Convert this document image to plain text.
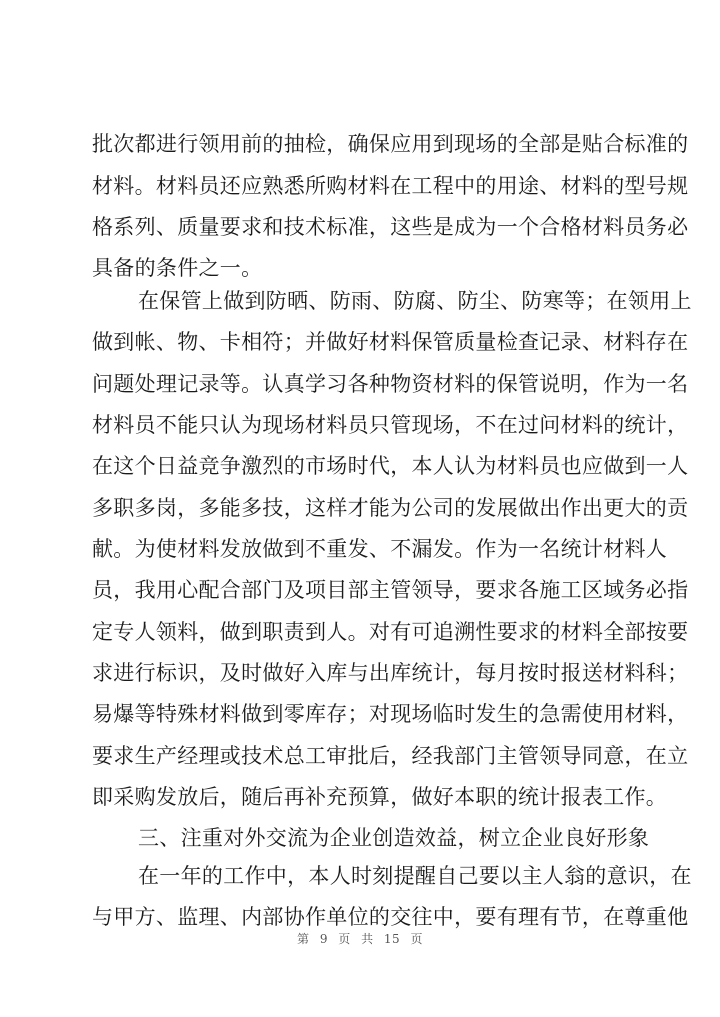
批次都进行领用前的抽检，确保应用到现场的全部是贴合标准的
材料。材料员还应熟悉所购材料在工程中的用途、材料的型号规
格系列、质量要求和技术标准，这些是成为一个合格材料员务必
具备的条件之一。
在保管上做到防晒、防雨、防腐、防尘、防寒等；在领用上
做到帐、物、卡相符；并做好材料保管质量检查记录、材料存在
问题处理记录等。认真学习各种物资材料的保管说明，作为一名
材料员不能只认为现场材料员只管现场，不在过问材料的统计，
在这个日益竞争激烈的市场时代，本人认为材料员也应做到一人
多职多岗，多能多技，这样才能为公司的发展做出作出更大的贡
献。为使材料发放做到不重发、不漏发。作为一名统计材料人
员，我用心配合部门及项目部主管领导，要求各施工区域务必指
定专人领料，做到职责到人。对有可追溯性要求的材料全部按要
求进行标识，及时做好入库与出库统计，每月按时报送材料科；
易爆等特殊材料做到零库存；对现场临时发生的急需使用材料，
要求生产经理或技术总工审批后，经我部门主管领导同意，在立
即采购发放后，随后再补充预算，做好本职的统计报表工作。
三、注重对外交流为企业创造效益，树立企业良好形象
在一年的工作中，本人时刻提醒自己要以主人翁的意识，在
与甲方、监理、内部协作单位的交往中，要有理有节，在尊重他
第 9 页 共 15 页
